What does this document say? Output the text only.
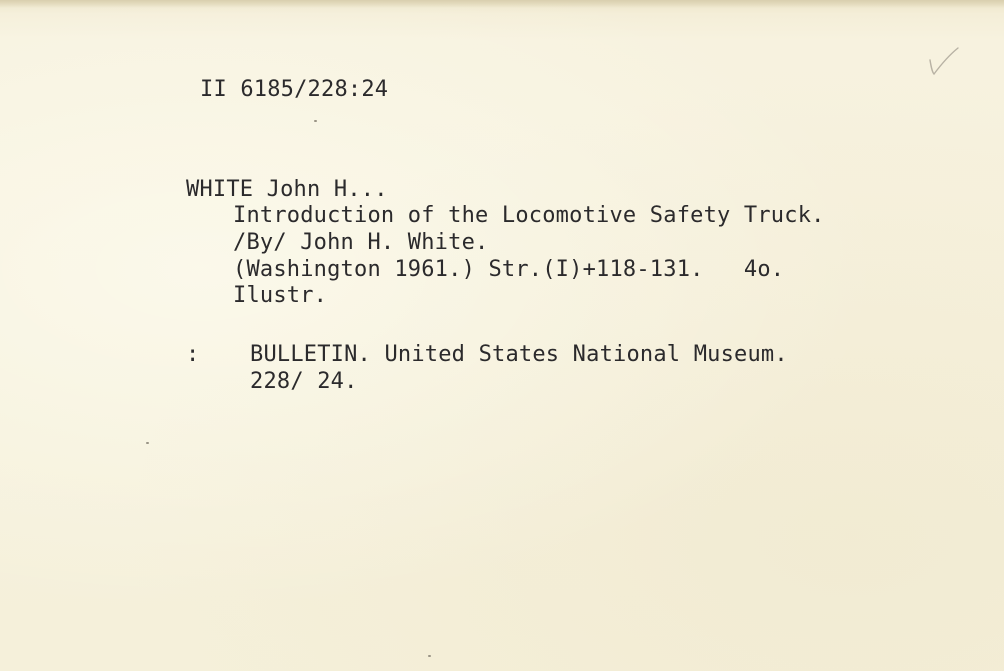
II 6185/228:24
WHITE John H...
Introduction of the Locomotive Safety Truck.
/By/ John H. White.
(Washington 1961.) Str.(I)+118-131.   4o.
Ilustr.
: BULLETIN. United States National Museum.
228/ 24.
